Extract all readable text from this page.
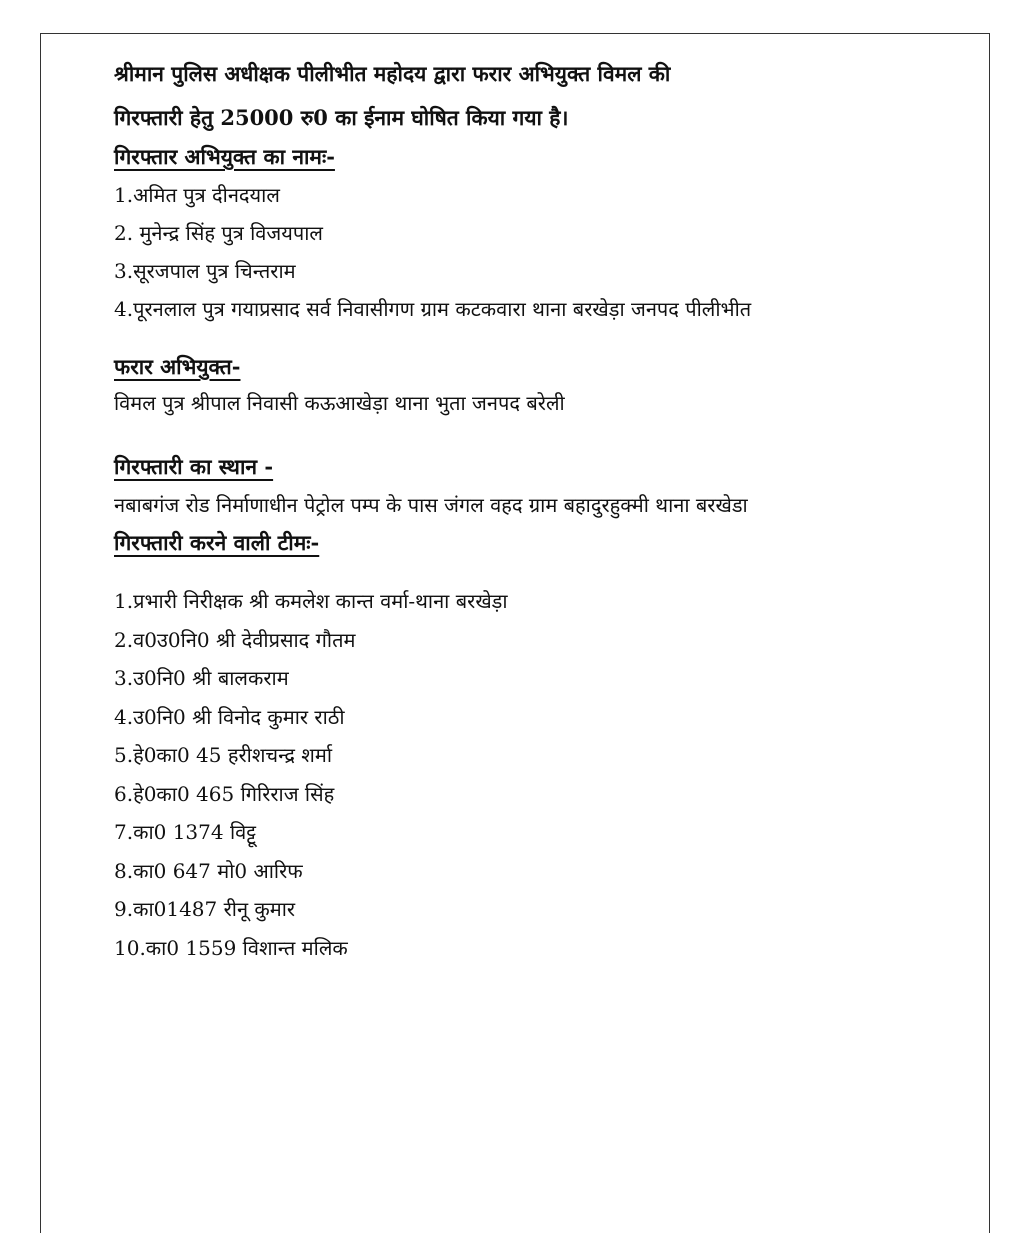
श्रीमान पुलिस अधीक्षक पीलीभीत महोदय द्वारा फरार अभियुक्त विमल की

गिरफ्तारी हेतु 25000 रु0 का ईनाम घोषित किया गया है।

गिरफ्तार अभियुक्त का नामः-

1.अमित पुत्र दीनदयाल

2. मुनेन्द्र सिंह पुत्र विजयपाल

3.सूरजपाल पुत्र चिन्तराम

4.पूरनलाल पुत्र गयाप्रसाद सर्व निवासीगण ग्राम कटकवारा थाना बरखेड़ा जनपद पीलीभीत

फरार अभियुक्त-

विमल पुत्र श्रीपाल निवासी कऊआखेड़ा थाना भुता जनपद बरेली

गिरफ्तारी का स्थान -

नबाबगंज रोड निर्माणाधीन पेट्रोल पम्प के पास जंगल वहद ग्राम बहादुरहुक्मी थाना बरखेडा

गिरफ्तारी करने वाली टीमः-

1.प्रभारी निरीक्षक श्री कमलेश कान्त वर्मा-थाना बरखेड़ा

2.व0उ0नि0 श्री देवीप्रसाद गौतम

3.उ0नि0 श्री बालकराम

4.उ0नि0 श्री विनोद कुमार राठी

5.हे0का0 45 हरीशचन्द्र शर्मा

6.हे0का0 465 गिरिराज सिंह

7.का0 1374 विट्टू

8.का0 647 मो0 आरिफ

9.का01487 रीनू कुमार

10.का0 1559 विशान्त मलिक
